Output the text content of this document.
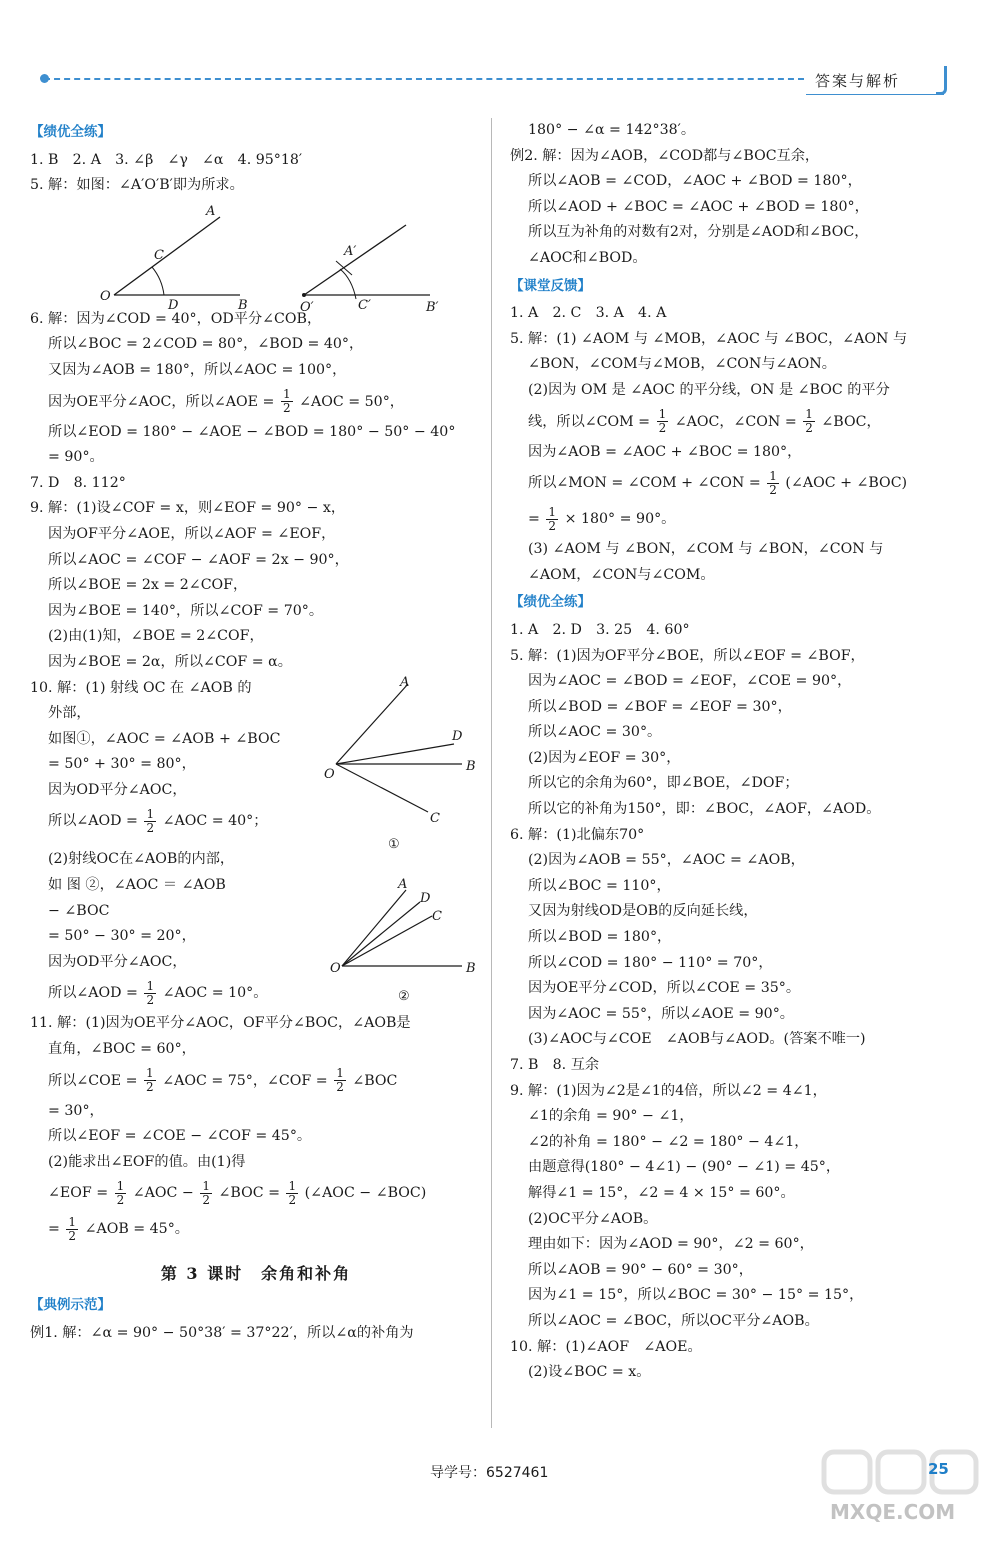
答案与解析
【绩优全练】
1. B　2. A　3. ∠β　∠γ　∠α　4. 95°18′
5. 解：如图：∠A′O′B′即为所求。
A
C
O
D	B
A′
O′	C′	B′
6. 解：因为∠COD = 40°，OD平分∠COB，
所以∠BOC = 2∠COD = 80°，∠BOD = 40°，
又因为∠AOB = 180°，所以∠AOC = 100°，
因为OE平分∠AOC，所以∠AOE = $\frac{1}{2}$ ∠AOC = 50°，
所以∠EOD = 180° − ∠AOE − ∠BOD = 180° − 50° − 40°
= 90°。
7. D　8. 112°
9. 解：(1)设∠COF = x，则∠EOF = 90° − x，
因为OF平分∠AOE，所以∠AOF = ∠EOF，
所以∠AOC = ∠COF − ∠AOF = 2x − 90°，
所以∠BOE = 2x = 2∠COF，
因为∠BOE = 140°，所以∠COF = 70°。
(2)由(1)知，∠BOE = 2∠COF，
因为∠BOE = 2α，所以∠COF = α。
A
D
O
B
C
①
A
D
C
O	B
②
10. 解：(1) 射线 OC 在 ∠AOB 的
外部，
如图①，∠AOC = ∠AOB + ∠BOC
= 50° + 30° = 80°，
因为OD平分∠AOC，
所以∠AOD = $\frac{1}{2}$ ∠AOC = 40°；
(2)射线OC在∠AOB的内部，
如 图 ②，∠AOC ＝ ∠AOB
− ∠BOC
= 50° − 30° = 20°，
因为OD平分∠AOC，
所以∠AOD = $\frac{1}{2}$ ∠AOC = 10°。
11. 解：(1)因为OE平分∠AOC，OF平分∠BOC，∠AOB是
直角，∠BOC = 60°，
所以∠COE = $\frac{1}{2}$ ∠AOC = 75°，∠COF = $\frac{1}{2}$ ∠BOC
= 30°，
所以∠EOF = ∠COE − ∠COF = 45°。
(2)能求出∠EOF的值。由(1)得
∠EOF = $\frac{1}{2}$ ∠AOC − $\frac{1}{2}$ ∠BOC = $\frac{1}{2}$ (∠AOC − ∠BOC)
= $\frac{1}{2}$ ∠AOB = 45°。
第 3 课时　余角和补角
【典例示范】
例1. 解：∠α = 90° − 50°38′ = 37°22′，所以∠α的补角为
180° − ∠α = 142°38′。
例2. 解：因为∠AOB，∠COD都与∠BOC互余，
所以∠AOB = ∠COD，∠AOC + ∠BOD = 180°，
所以∠AOD + ∠BOC = ∠AOC + ∠BOD = 180°，
所以互为补角的对数有2对，分别是∠AOD和∠BOC，
∠AOC和∠BOD。
【课堂反馈】
1. A　2. C　3. A　4. A
5. 解：(1) ∠AOM 与 ∠MOB，∠AOC 与 ∠BOC，∠AON 与
∠BON，∠COM与∠MOB，∠CON与∠AON。
(2)因为 OM 是 ∠AOC 的平分线，ON 是 ∠BOC 的平分
线，所以∠COM = $\frac{1}{2}$ ∠AOC，∠CON = $\frac{1}{2}$ ∠BOC，
因为∠AOB = ∠AOC + ∠BOC = 180°，
所以∠MON = ∠COM + ∠CON = $\frac{1}{2}$ (∠AOC + ∠BOC)
= $\frac{1}{2} \times 180^\circ = 90^\circ$。
(3) ∠AOM 与 ∠BON，∠COM 与 ∠BON，∠CON 与
∠AOM，∠CON与∠COM。
【绩优全练】
1. A　2. D　3. 25　4. 60°
5. 解：(1)因为OF平分∠BOE，所以∠EOF = ∠BOF，
因为∠AOC = ∠BOD = ∠EOF，∠COE = 90°，
所以∠BOD = ∠BOF = ∠EOF = 30°，
所以∠AOC = 30°。
(2)因为∠EOF = 30°，
所以它的余角为60°，即∠BOE，∠DOF；
所以它的补角为150°，即：∠BOC，∠AOF，∠AOD。
6. 解：(1)北偏东70°
(2)因为∠AOB = 55°，∠AOC = ∠AOB，
所以∠BOC = 110°，
又因为射线OD是OB的反向延长线，
所以∠BOD = 180°，
所以∠COD = 180° − 110° = 70°，
因为OE平分∠COD，所以∠COE = 35°。
因为∠AOC = 55°，所以∠AOE = 90°。
(3)∠AOC与∠COE　∠AOB与∠AOD。(答案不唯一)
7. B　8. 互余
9. 解：(1)因为∠2是∠1的4倍，所以∠2 = 4∠1，
∠1的余角 = 90° − ∠1，
∠2的补角 = 180° − ∠2 = 180° − 4∠1，
由题意得(180° − 4∠1) − (90° − ∠1) = 45°，
解得∠1 = 15°，∠2 = 4 × 15° = 60°。
(2)OC平分∠AOB。
理由如下：因为∠AOD = 90°，∠2 = 60°，
所以∠AOB = 90° − 60° = 30°，
因为∠1 = 15°，所以∠BOC = 30° − 15° = 15°，
所以∠AOC = ∠BOC，所以OC平分∠AOB。
10. 解：(1)∠AOF　∠AOE。
(2)设∠BOC = x。
导学号：6527461	25
MXQE.COM
